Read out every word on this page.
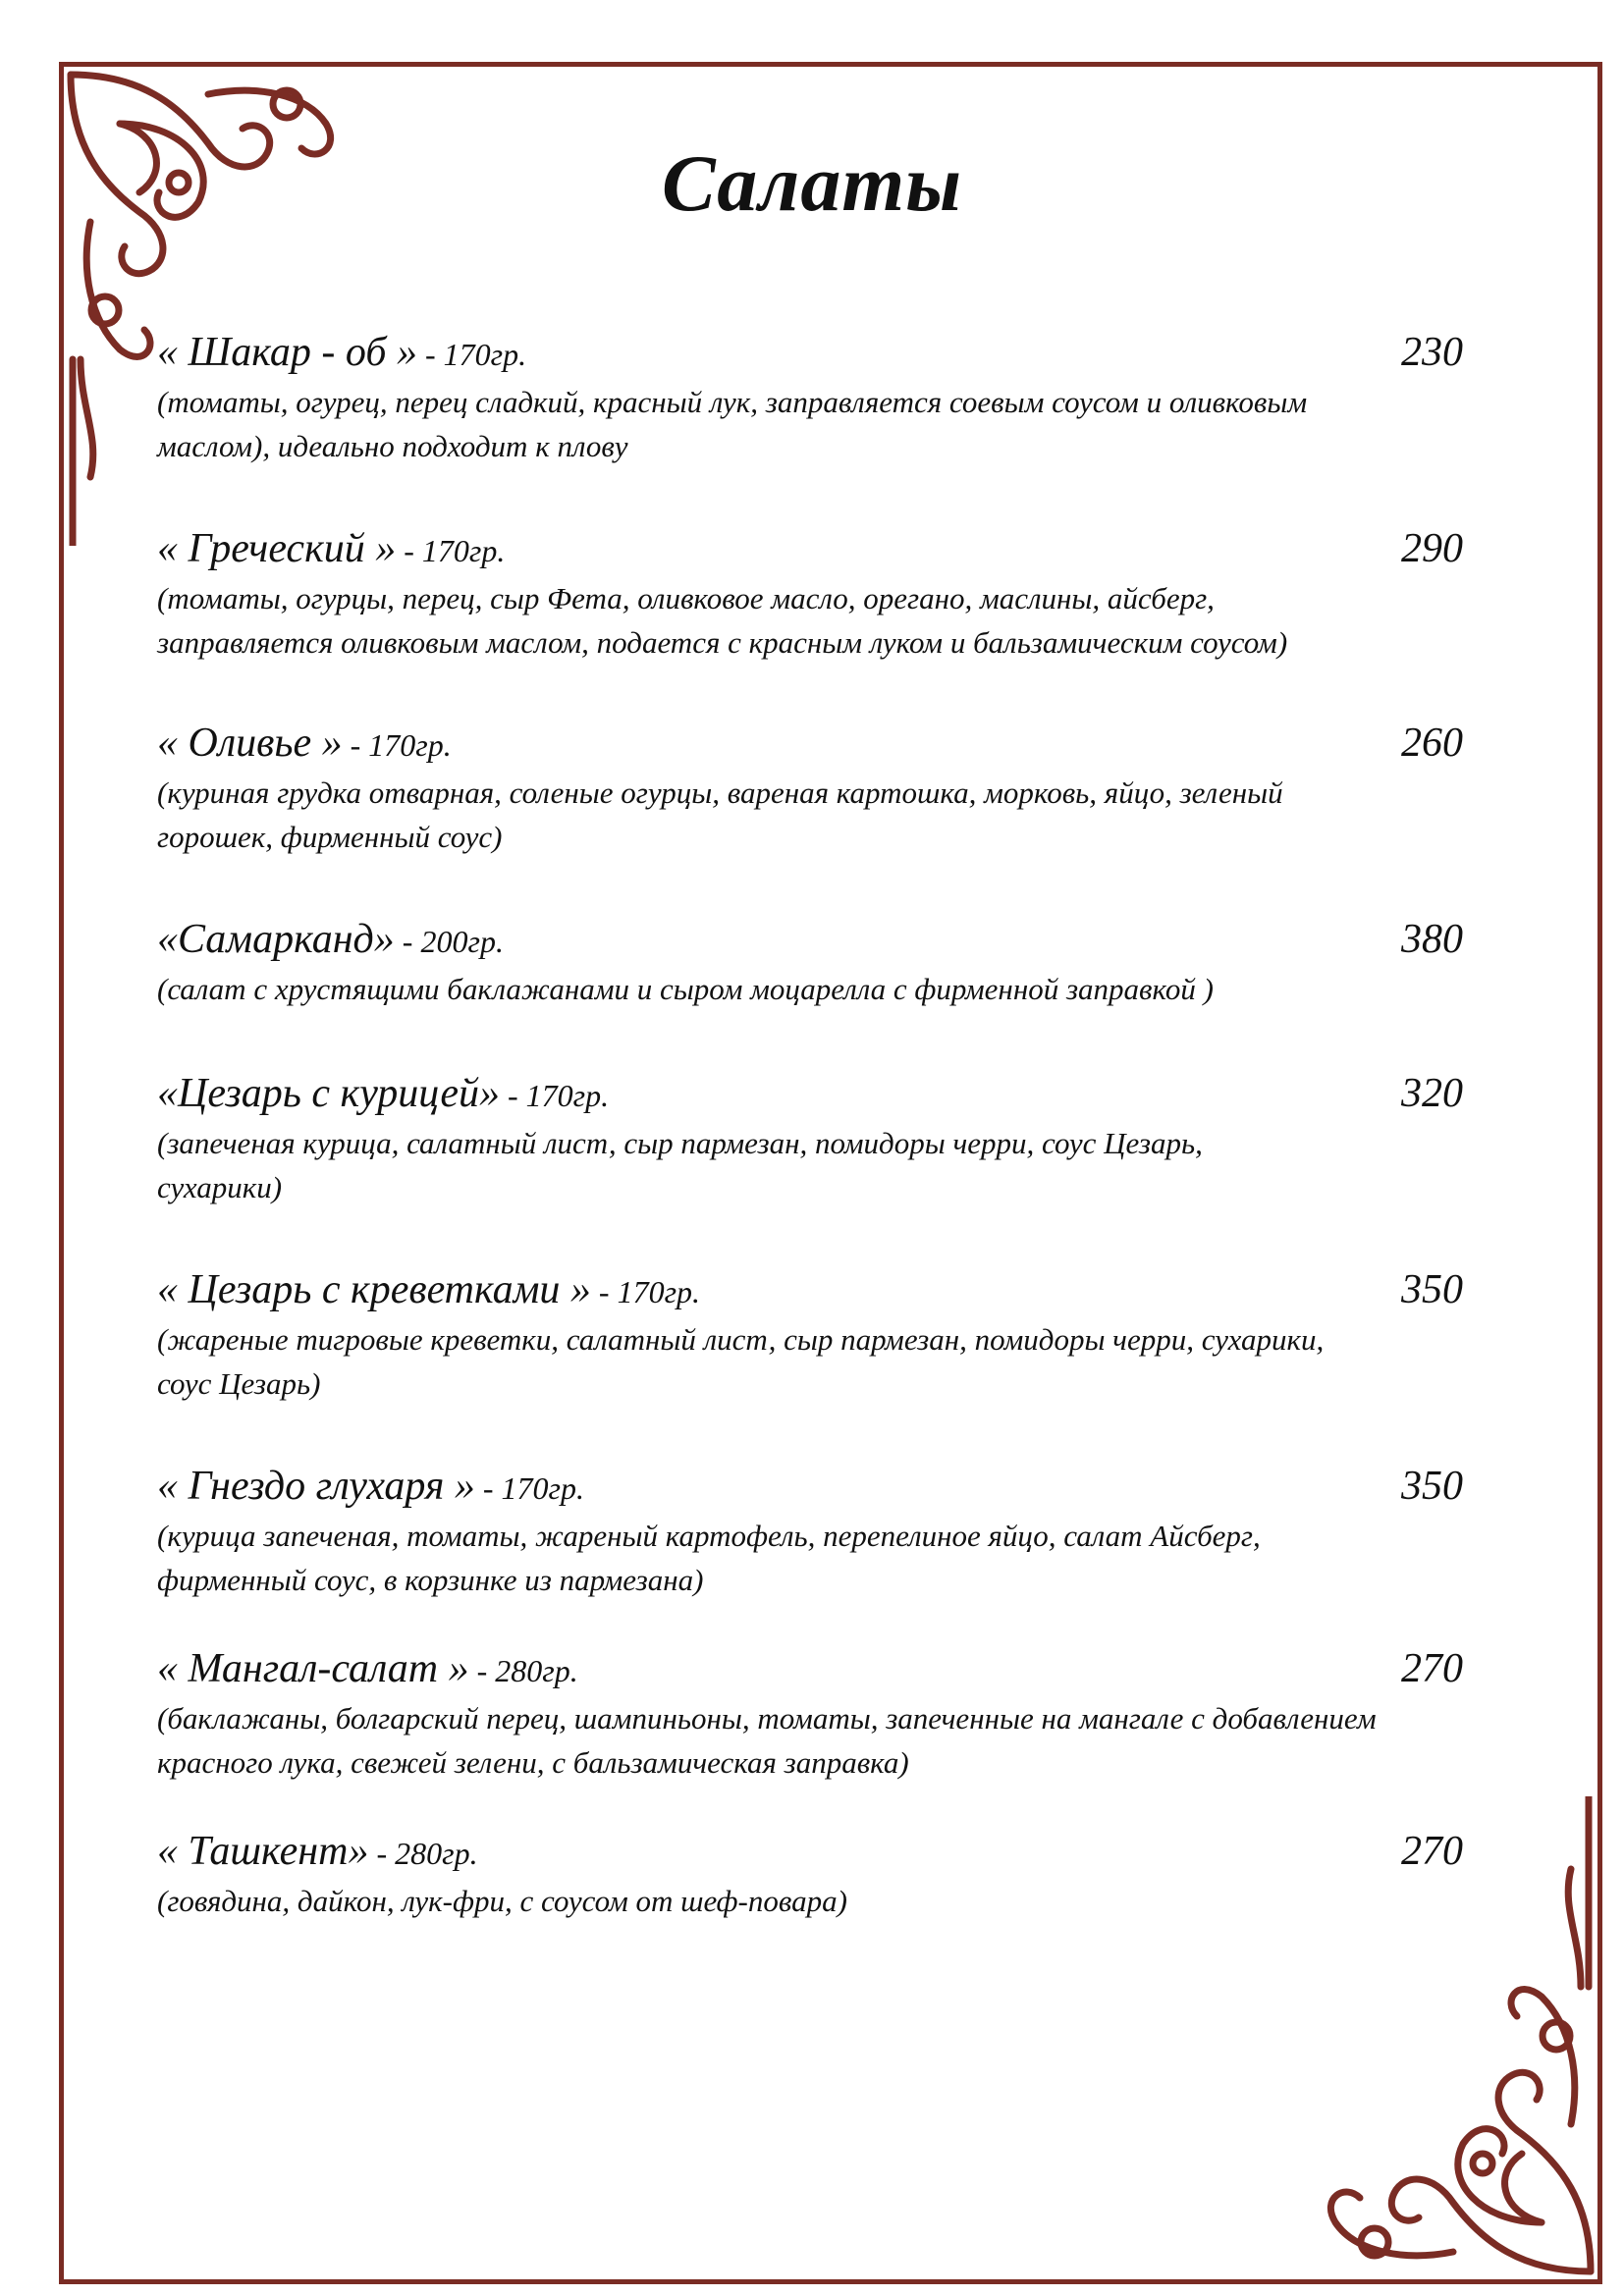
Салаты
« Шакар - об » - 170гр.	230
(томаты, огурец, перец сладкий, красный лук, заправляется соевым соусом и оливковым
маслом), идеально подходит к плову
« Греческий » - 170гр.	290
(томаты, огурцы, перец, сыр Фета, оливковое масло, орегано, маслины, айсберг,
заправляется оливковым маслом, подается с красным луком и бальзамическим соусом)
« Оливье » - 170гр.	260
(куриная грудка отварная, соленые огурцы, вареная картошка, морковь, яйцо, зеленый
горошек, фирменный соус)
«Самарканд» - 200гр.	380
(салат с хрустящими баклажанами и сыром моцарелла с фирменной заправкой )
«Цезарь с курицей» - 170гр.	320
(запеченая курица, салатный лист, сыр пармезан, помидоры черри, соус Цезарь,
сухарики)
« Цезарь с креветками » - 170гр.	350
(жареные тигровые креветки, салатный лист, сыр пармезан, помидоры черри, сухарики,
соус Цезарь)
« Гнездо глухаря » - 170гр.	350
(курица запеченая, томаты, жареный картофель, перепелиное яйцо, салат Айсберг,
фирменный соус, в корзинке из пармезана)
« Мангал-салат » - 280гр.	270
(баклажаны, болгарский перец, шампиньоны, томаты, запеченные на мангале с добавлением
красного лука, свежей зелени, с бальзамическая заправка)
« Ташкент» - 280гр.	270
(говядина, дайкон, лук-фри, с соусом от шеф-повара)
